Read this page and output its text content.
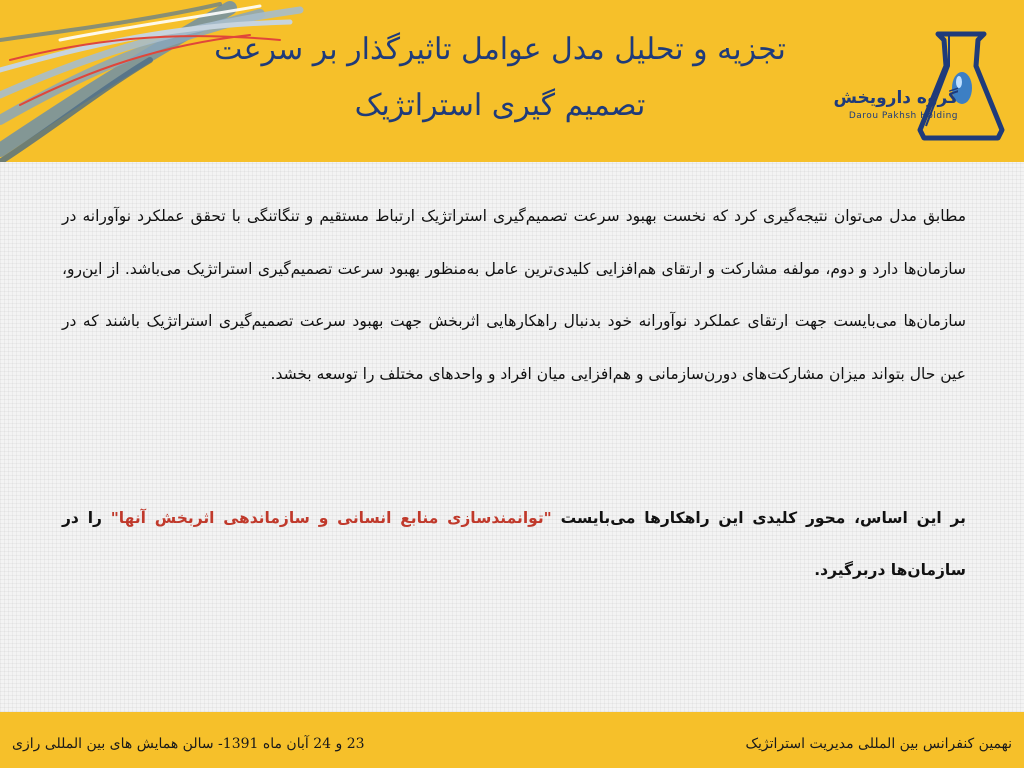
تجزیه و تحلیل مدل عوامل تاثیرگذار بر سرعت
تصمیم گیری استراتژیک	گروه دارویخش
Darou Pakhsh Holding
مطابق مدل می‌توان نتیجه‌گیری کرد که نخست بهبود سرعت تصمیم‌گیری استراتژیک ارتباط مستقیم و تنگاتنگی با تحقق عملکرد نوآورانه در سازمان‌ها دارد و دوم، مولفه مشارکت و ارتقای هم‌افزایی کلیدی‌ترین عامل به‌منظور بهبود سرعت تصمیم‌گیری استراتژیک می‌باشد. از این‌رو، سازمان‌ها می‌بایست جهت ارتقای عملکرد نوآورانه خود بدنبال راهکارهایی اثربخش جهت بهبود سرعت تصمیم‌گیری استراتژیک باشند که در عین حال بتواند میزان مشارکت‌های دورن‌سازمانی و هم‌افزایی میان افراد و واحدهای مختلف را توسعه بخشد.
بر این اساس، محور کلیدی این راهکارها می‌بایست "توانمندسازی منابع انسانی و سازماندهی اثربخش آنها" را در سازمان‌ها دربرگیرد.
نهمین کنفرانس بین المللی مدیریت استراتژیک
23 و 24 آبان ماه 1391- سالن همایش های بین المللی رازی
